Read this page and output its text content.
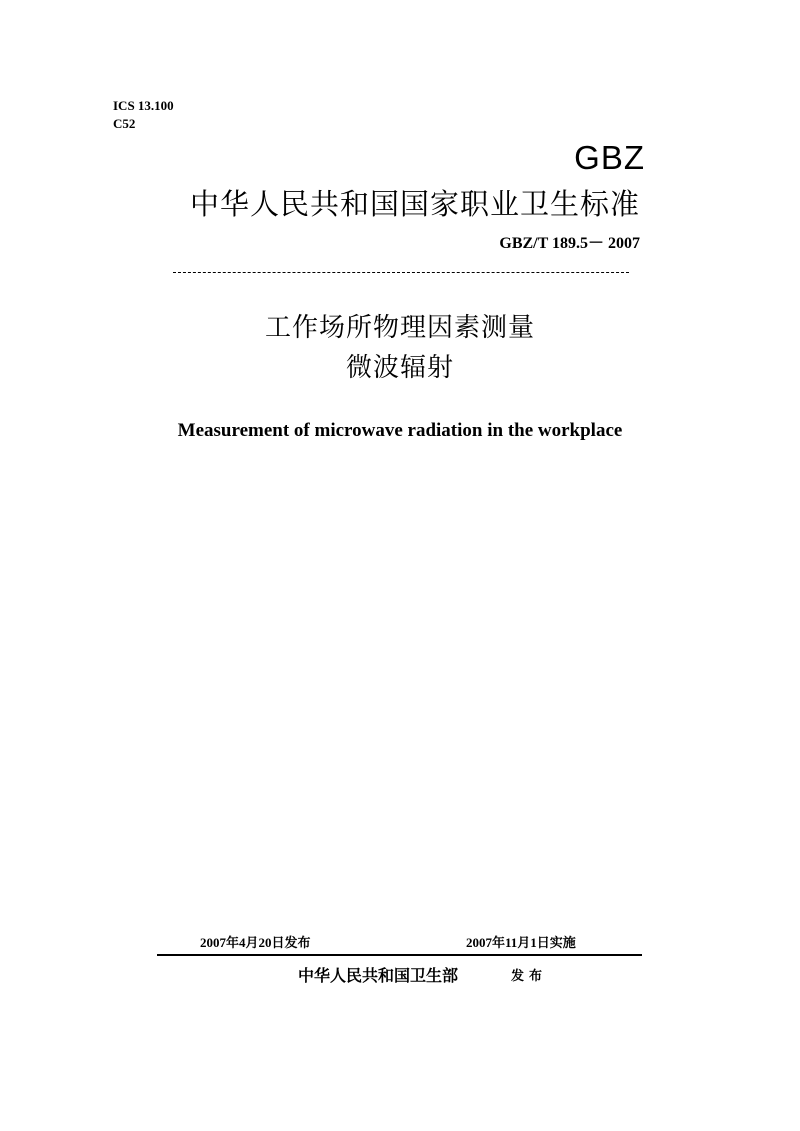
ICS 13.100
C52
GBZ
中华人民共和国国家职业卫生标准
GBZ/T 189.5－ 2007
工作场所物理因素测量
微波辐射
Measurement of microwave radiation in the workplace
2007年4月20日发布	2007年11月1日实施
中华人民共和国卫生部	发布
